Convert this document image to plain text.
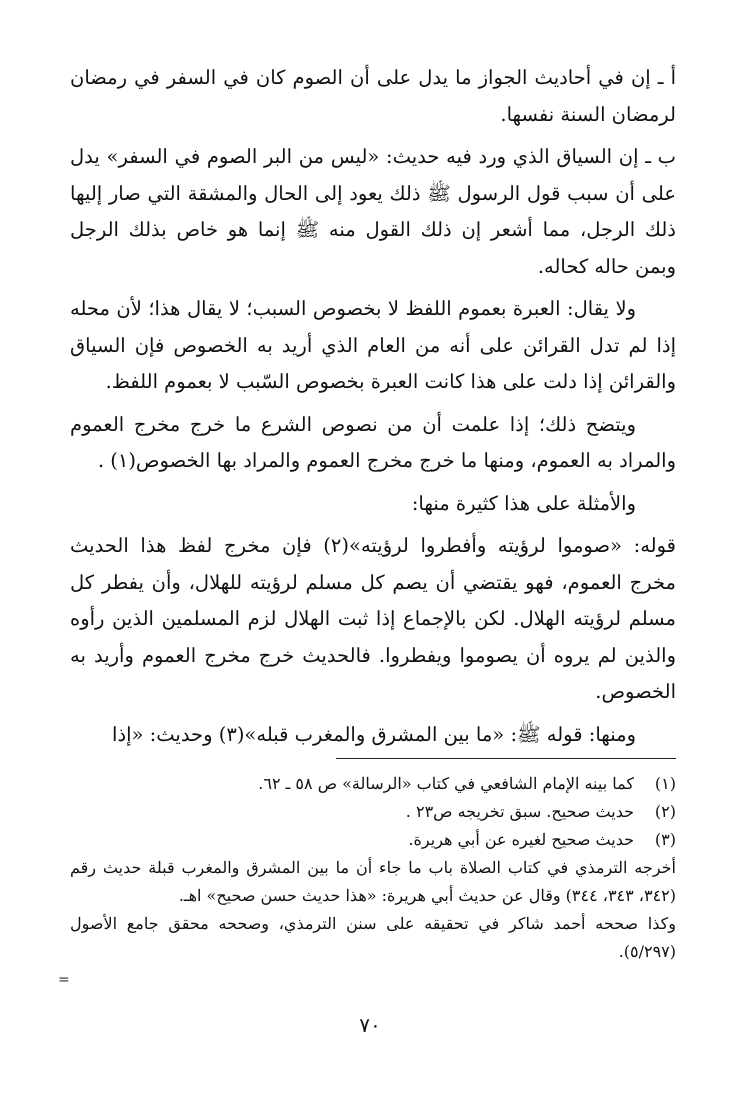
أ ـ إن في أحاديث الجواز ما يدل على أن الصوم كان في السفر في رمضان لرمضان السنة نفسها.

ب ـ إن السياق الذي ورد فيه حديث: «ليس من البر الصوم في السفر» يدل على أن سبب قول الرسول ﷺ ذلك يعود إلى الحال والمشقة التي صار إليها ذلك الرجل، مما أشعر إن ذلك القول منه ﷺ إنما هو خاص بذلك الرجل وبمن حاله كحاله.

ولا يقال: العبرة بعموم اللفظ لا بخصوص السبب؛ لا يقال هذا؛ لأن محله إذا لم تدل القرائن على أنه من العام الذي أريد به الخصوص فإن السياق والقرائن إذا دلت على هذا كانت العبرة بخصوص السّبب لا بعموم اللفظ.

ويتضح ذلك؛ إذا علمت أن من نصوص الشرع ما خرج مخرج العموم والمراد به العموم، ومنها ما خرج مخرج العموم والمراد بها الخصوص(١) .

والأمثلة على هذا كثيرة منها:

قوله: «صوموا لرؤيته وأفطروا لرؤيته»(٢) فإن مخرج لفظ هذا الحديث مخرج العموم، فهو يقتضي أن يصم كل مسلم لرؤيته للهلال، وأن يفطر كل مسلم لرؤيته الهلال. لكن بالإجماع إذا ثبت الهلال لزم المسلمين الذين رأوه والذين لم يروه أن يصوموا ويفطروا. فالحديث خرج مخرج العموم وأريد به الخصوص.

ومنها: قوله ﷺ: «ما بين المشرق والمغرب قبله»(٣) وحديث: «إذا

(١)
كما بينه الإمام الشافعي في كتاب «الرسالة» ص ٥٨ ـ ٦٢.
(٢)
حديث صحيح. سبق تخريجه ص٢٣ .
(٣)
حديث صحيح لغيره عن أبي هريرة.
أخرجه الترمذي في كتاب الصلاة باب ما جاء أن ما بين المشرق والمغرب قبلة حديث رقم (٣٤٢، ٣٤٣، ٣٤٤) وقال عن حديث أبي هريرة: «هذا حديث حسن صحيح» اهـ.
وكذا صححه أحمد شاكر في تحقيقه على سنن الترمذي، وصححه محقق جامع الأصول (٥/٢٩٧).
=
٧٠
